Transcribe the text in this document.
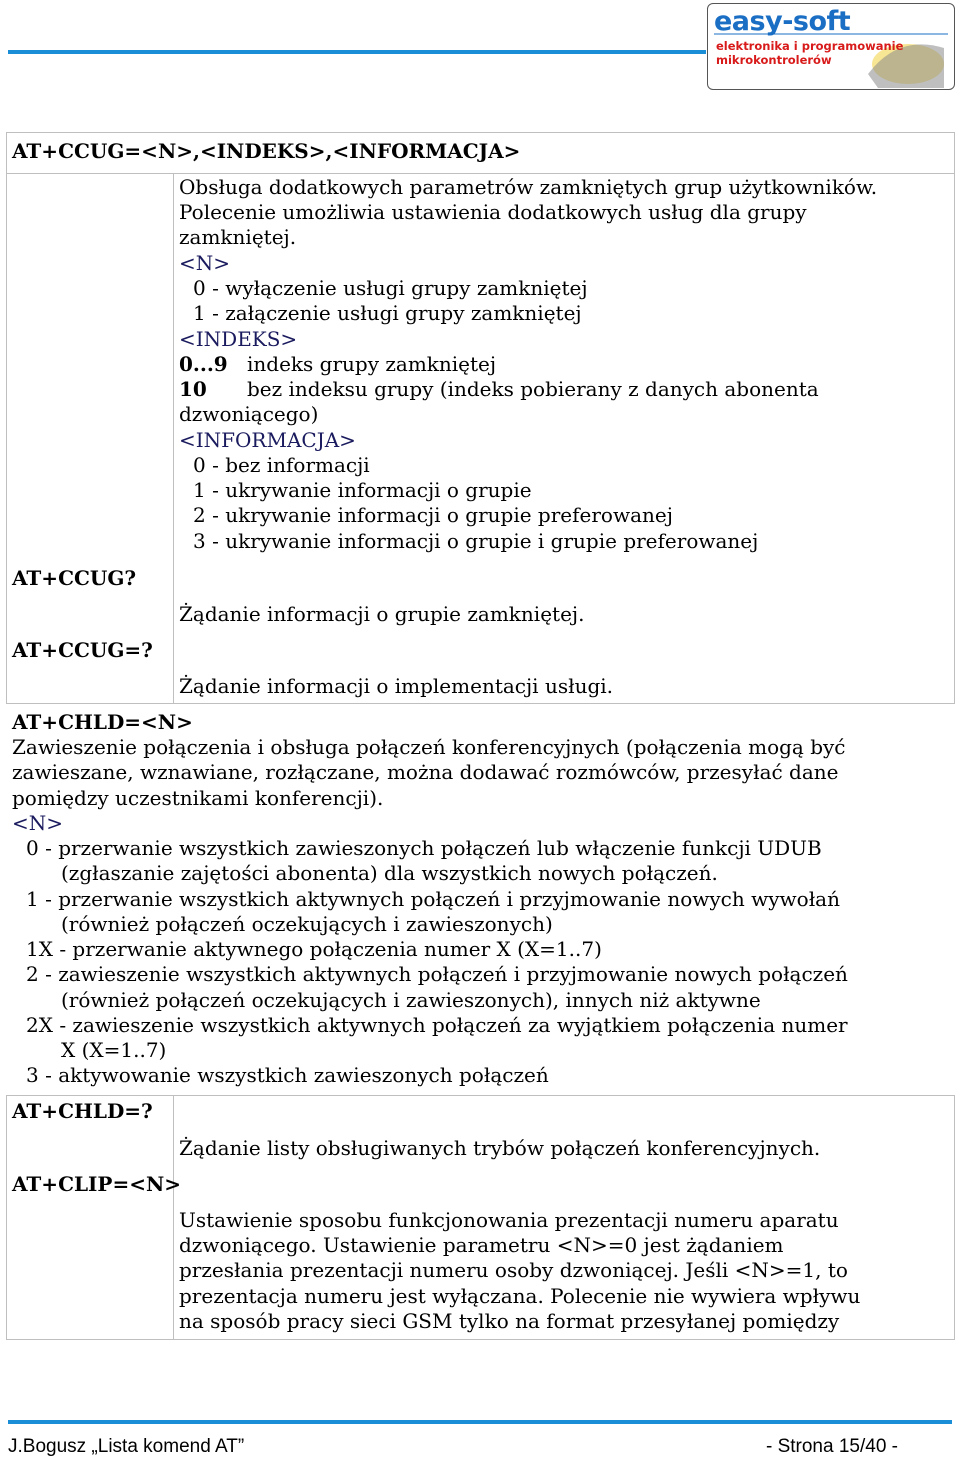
easy-soft
elektronika i programowanie
mikrokontrolerów
AT+CCUG=<N>,<INDEKS>,<INFORMACJA>
Obsługa dodatkowych parametrów zamkniętych grup użytkowników.
Polecenie umożliwia ustawienia dodatkowych usług dla grupy
zamkniętej.
<N>
0 - wyłączenie usługi grupy zamkniętej
1 - załączenie usługi grupy zamkniętej
<INDEKS>
0...9 indeks grupy zamkniętej
10 bez indeksu grupy (indeks pobierany z danych abonenta
dzwoniącego)
<INFORMACJA>
0 - bez informacji
1 - ukrywanie informacji o grupie
2 - ukrywanie informacji o grupie preferowanej
3 - ukrywanie informacji o grupie i grupie preferowanej
AT+CCUG?
Żądanie informacji o grupie zamkniętej.
AT+CCUG=?
Żądanie informacji o implementacji usługi.
AT+CHLD=<N>
Zawieszenie połączenia i obsługa połączeń konferencyjnych (połączenia mogą być
zawieszane, wznawiane, rozłączane, można dodawać rozmówców, przesyłać dane
pomiędzy uczestnikami konferencji).
<N>
0 - przerwanie wszystkich zawieszonych połączeń lub włączenie funkcji UDUB
(zgłaszanie zajętości abonenta) dla wszystkich nowych połączeń.
1 - przerwanie wszystkich aktywnych połączeń i przyjmowanie nowych wywołań
(również połączeń oczekujących i zawieszonych)
1X - przerwanie aktywnego połączenia numer X (X=1..7)
2 - zawieszenie wszystkich aktywnych połączeń i przyjmowanie nowych połączeń
(również połączeń oczekujących i zawieszonych), innych niż aktywne
2X - zawieszenie wszystkich aktywnych połączeń za wyjątkiem połączenia numer
X (X=1..7)
3 - aktywowanie wszystkich zawieszonych połączeń
AT+CHLD=?
Żądanie listy obsługiwanych trybów połączeń konferencyjnych.
AT+CLIP=<N>
Ustawienie sposobu funkcjonowania prezentacji numeru aparatu
dzwoniącego. Ustawienie parametru <N>=0 jest żądaniem
przesłania prezentacji numeru osoby dzwoniącej. Jeśli <N>=1, to
prezentacja numeru jest wyłączana. Polecenie nie wywiera wpływu
na sposób pracy sieci GSM tylko na format przesyłanej pomiędzy
J.Bogusz „Lista komend AT”	- Strona 15/40 -
